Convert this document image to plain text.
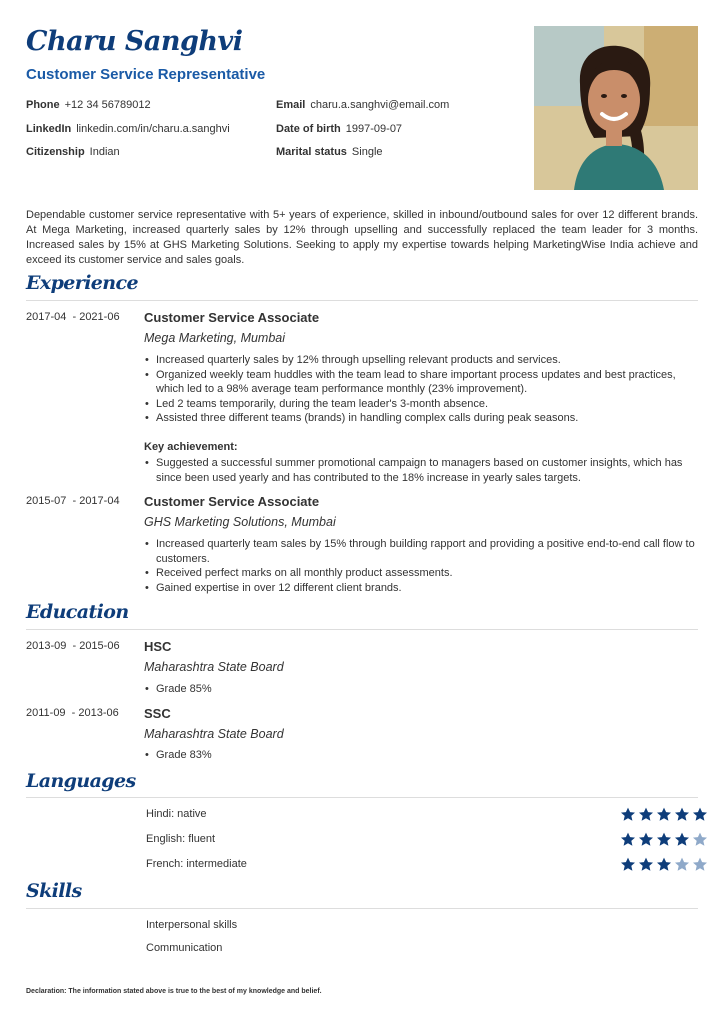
Charu Sanghvi
Customer Service Representative
Phone +12 34 56789012
LinkedIn linkedin.com/in/charu.a.sanghvi
Citizenship Indian
Email charu.a.sanghvi@email.com
Date of birth 1997-09-07
Marital status Single
Dependable customer service representative with 5+ years of experience, skilled in inbound/outbound sales for over 12 different brands. At Mega Marketing, increased quarterly sales by 12% through upselling and successfully replaced the team leader for 3 months. Increased sales by 15% at GHS Marketing Solutions. Seeking to apply my expertise towards helping MarketingWise India achieve and exceed its customer service and sales goals.
Experience
2017-04  - 2021-06 Customer Service Associate
Mega Marketing, Mumbai
• Increased quarterly sales by 12% through upselling relevant products and services.
• Organized weekly team huddles with the team lead to share important process updates and best practices, which led to a 98% average team performance monthly (23% improvement).
• Led 2 teams temporarily, during the team leader's 3-month absence.
• Assisted three different teams (brands) in handling complex calls during peak seasons.
Key achievement:
• Suggested a successful summer promotional campaign to managers based on customer insights, which has since been used yearly and has contributed to the 18% increase in yearly sales targets.
2015-07  - 2017-04 Customer Service Associate
GHS Marketing Solutions, Mumbai
• Increased quarterly team sales by 15% through building rapport and providing a positive end-to-end call flow to customers.
• Received perfect marks on all monthly product assessments.
• Gained expertise in over 12 different client brands.
Education
2013-09  - 2015-06 HSC
Maharashtra State Board
• Grade 85%
2011-09  - 2013-06 SSC
Maharashtra State Board
• Grade 83%
Languages
Hindi: native
English: fluent
French: intermediate
Skills
Interpersonal skills
Communication
Declaration: The information stated above is true to the best of my knowledge and belief.
